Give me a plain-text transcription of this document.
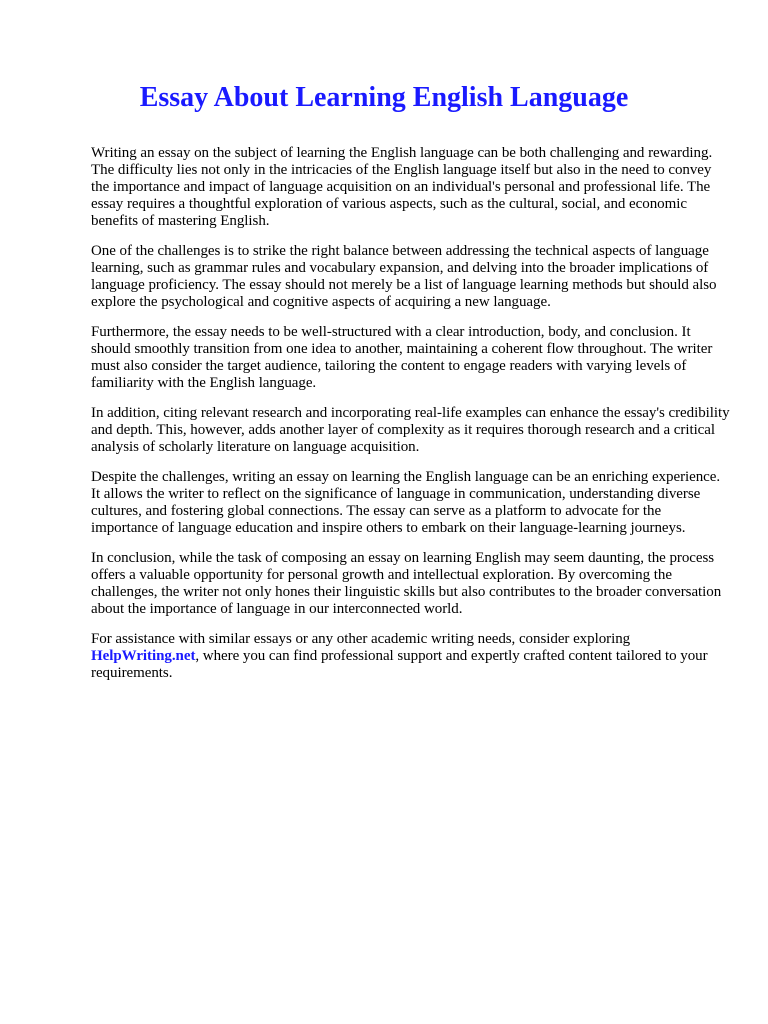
Essay About Learning English Language

Writing an essay on the subject of learning the English language can be both challenging and rewarding. The difficulty lies not only in the intricacies of the English language itself but also in the need to convey the importance and impact of language acquisition on an individual's personal and professional life. The essay requires a thoughtful exploration of various aspects, such as the cultural, social, and economic benefits of mastering English.

One of the challenges is to strike the right balance between addressing the technical aspects of language learning, such as grammar rules and vocabulary expansion, and delving into the broader implications of language proficiency. The essay should not merely be a list of language learning methods but should also explore the psychological and cognitive aspects of acquiring a new language.

Furthermore, the essay needs to be well-structured with a clear introduction, body, and conclusion. It should smoothly transition from one idea to another, maintaining a coherent flow throughout. The writer must also consider the target audience, tailoring the content to engage readers with varying levels of familiarity with the English language.

In addition, citing relevant research and incorporating real-life examples can enhance the essay's credibility and depth. This, however, adds another layer of complexity as it requires thorough research and a critical analysis of scholarly literature on language acquisition.

Despite the challenges, writing an essay on learning the English language can be an enriching experience. It allows the writer to reflect on the significance of language in communication, understanding diverse cultures, and fostering global connections. The essay can serve as a platform to advocate for the importance of language education and inspire others to embark on their language-learning journeys.

In conclusion, while the task of composing an essay on learning English may seem daunting, the process offers a valuable opportunity for personal growth and intellectual exploration. By overcoming the challenges, the writer not only hones their linguistic skills but also contributes to the broader conversation about the importance of language in our interconnected world.

For assistance with similar essays or any other academic writing needs, consider exploring HelpWriting.net, where you can find professional support and expertly crafted content tailored to your requirements.
